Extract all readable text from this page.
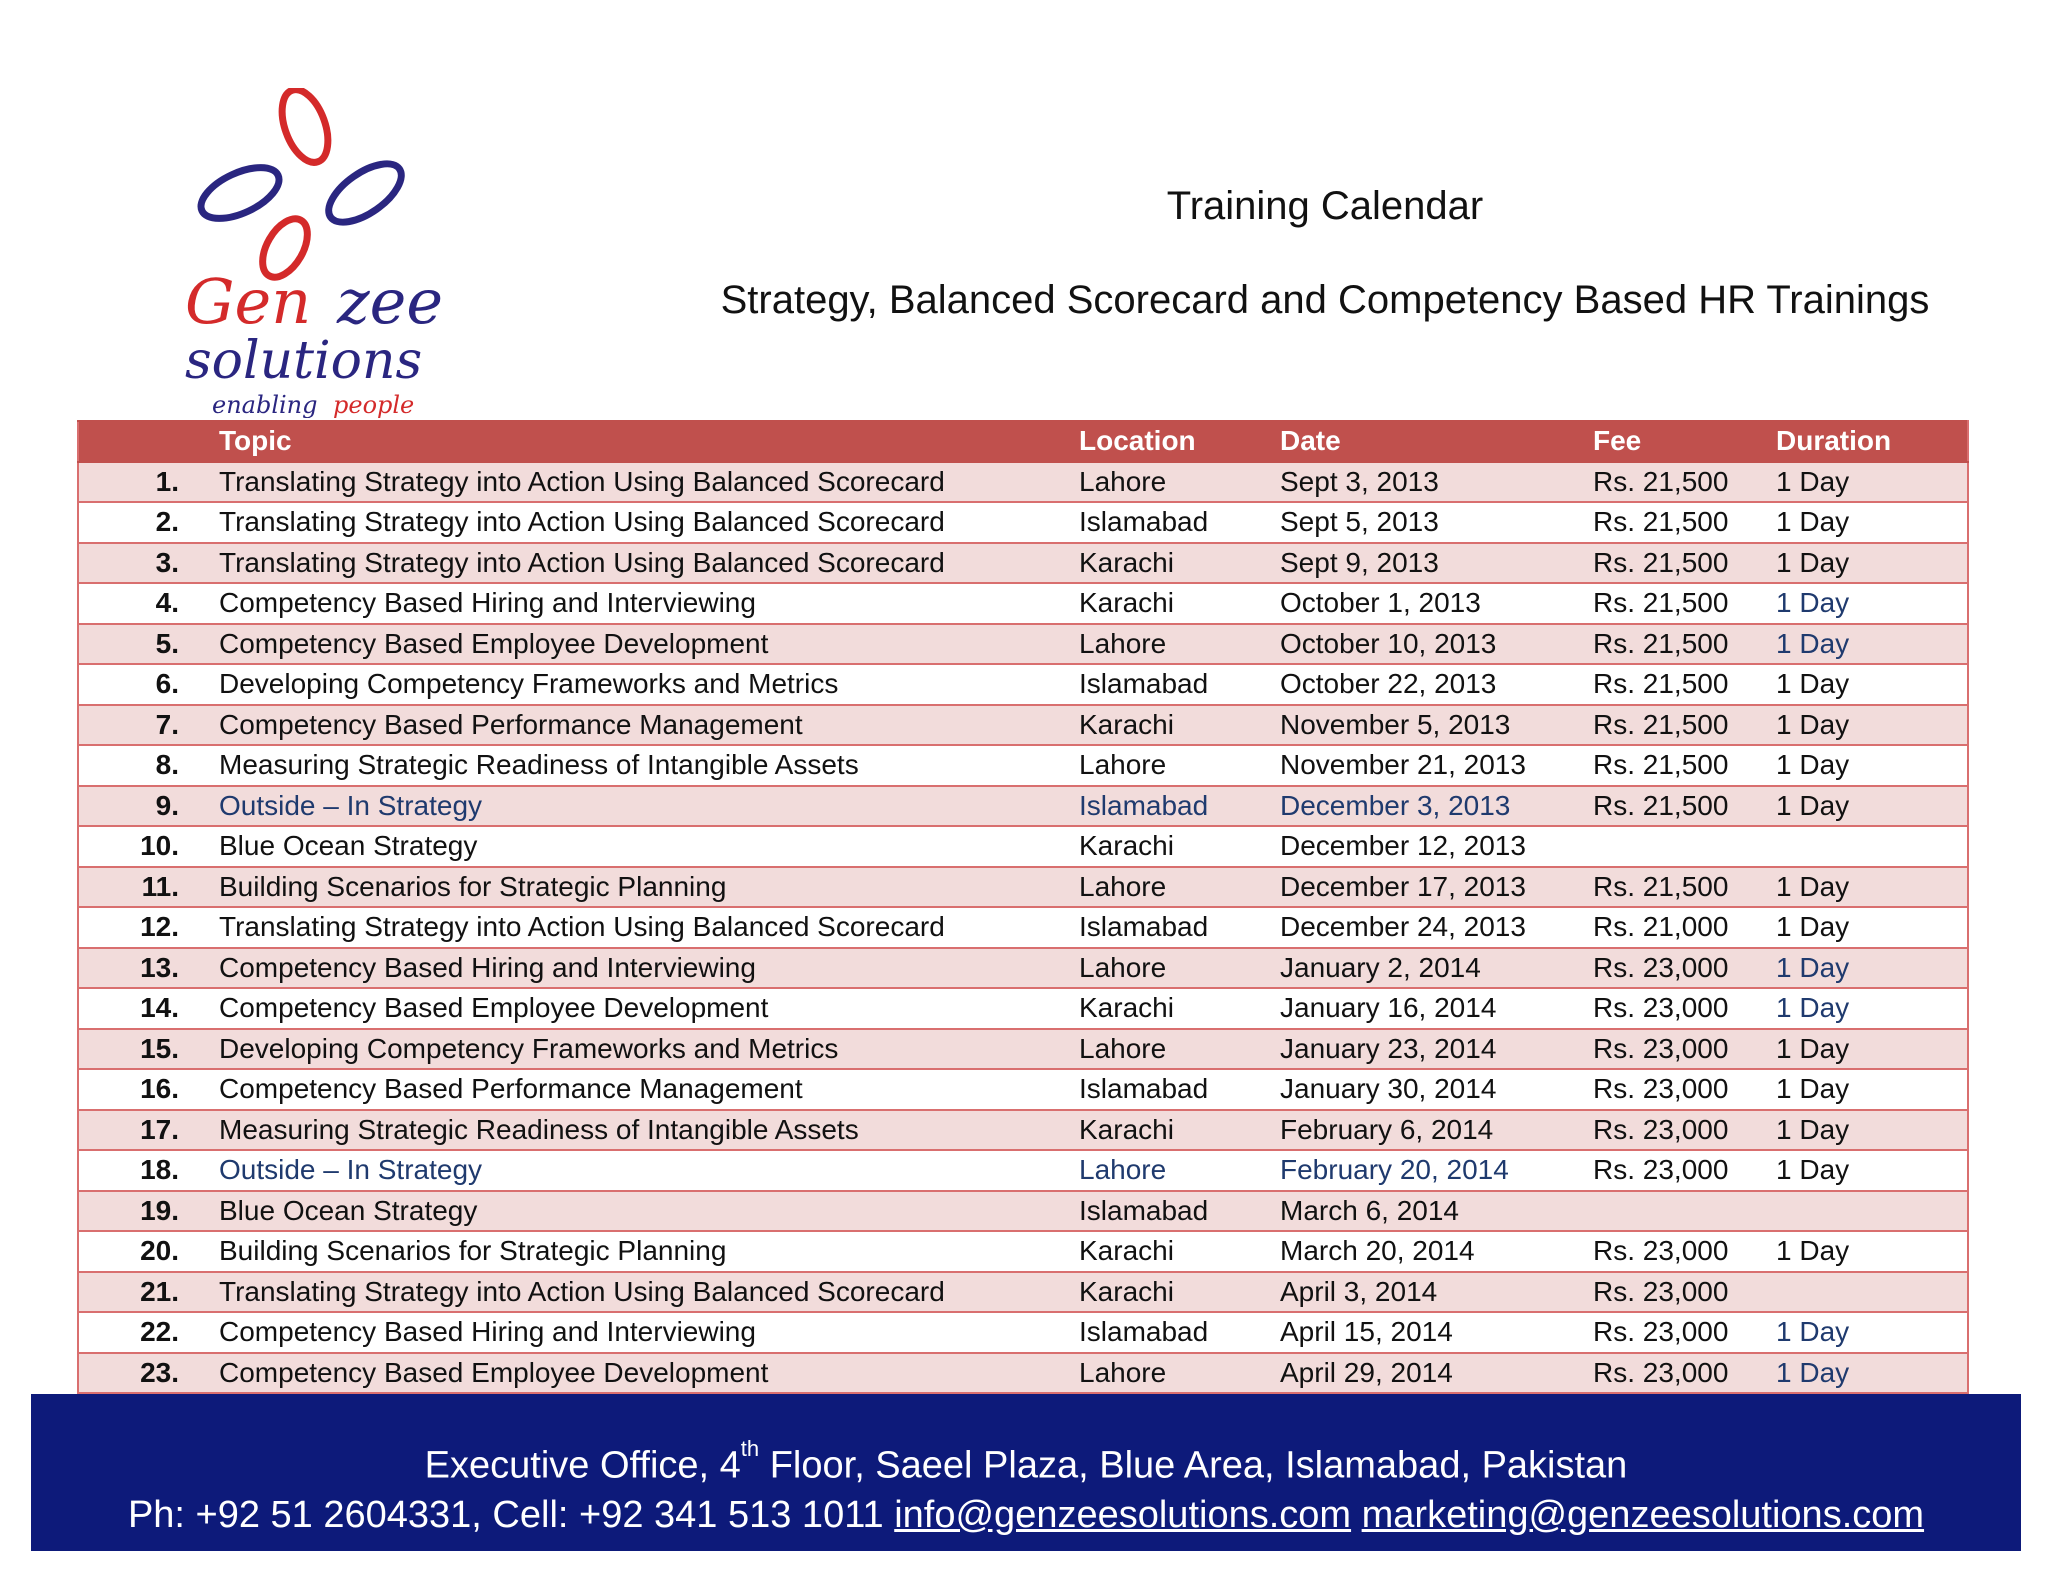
Gen zee
solutions
enabling people
Training Calendar
Strategy, Balanced Scorecard and Competency Based HR Trainings
	Topic	Location	Date	Fee	Duration
1.	Translating Strategy into Action Using Balanced Scorecard	Lahore	Sept 3, 2013	Rs. 21,500	1 Day
2.	Translating Strategy into Action Using Balanced Scorecard	Islamabad	Sept 5, 2013	Rs. 21,500	1 Day
3.	Translating Strategy into Action Using Balanced Scorecard	Karachi	Sept 9, 2013	Rs. 21,500	1 Day
4.	Competency Based Hiring and Interviewing	Karachi	October 1, 2013	Rs. 21,500	1 Day
5.	Competency Based Employee Development	Lahore	October 10, 2013	Rs. 21,500	1 Day
6.	Developing Competency Frameworks and Metrics	Islamabad	October 22, 2013	Rs. 21,500	1 Day
7.	Competency Based Performance Management	Karachi	November 5, 2013	Rs. 21,500	1 Day
8.	Measuring Strategic Readiness of Intangible Assets	Lahore	November 21, 2013	Rs. 21,500	1 Day
9.	Outside – In Strategy	Islamabad	December 3, 2013	Rs. 21,500	1 Day
10.	Blue Ocean Strategy	Karachi	December 12, 2013		
11.	Building Scenarios for Strategic Planning	Lahore	December 17, 2013	Rs. 21,500	1 Day
12.	Translating Strategy into Action Using Balanced Scorecard	Islamabad	December 24, 2013	Rs. 21,000	1 Day
13.	Competency Based Hiring and Interviewing	Lahore	January 2, 2014	Rs. 23,000	1 Day
14.	Competency Based Employee Development	Karachi	January 16, 2014	Rs. 23,000	1 Day
15.	Developing Competency Frameworks and Metrics	Lahore	January 23, 2014	Rs. 23,000	1 Day
16.	Competency Based Performance Management	Islamabad	January 30, 2014	Rs. 23,000	1 Day
17.	Measuring Strategic Readiness of Intangible Assets	Karachi	February 6, 2014	Rs. 23,000	1 Day
18.	Outside – In Strategy	Lahore	February 20, 2014	Rs. 23,000	1 Day
19.	Blue Ocean Strategy	Islamabad	March 6, 2014		
20.	Building Scenarios for Strategic Planning	Karachi	March 20, 2014	Rs. 23,000	1 Day
21.	Translating Strategy into Action Using Balanced Scorecard	Karachi	April 3, 2014	Rs. 23,000	
22.	Competency Based Hiring and Interviewing	Islamabad	April 15, 2014	Rs. 23,000	1 Day
23.	Competency Based Employee Development	Lahore	April 29, 2014	Rs. 23,000	1 Day
Executive Office, 4th Floor, Saeel Plaza, Blue Area, Islamabad, Pakistan
Ph: +92 51 2604331, Cell: +92 341 513 1011 info@genzeesolutions.com marketing@genzeesolutions.com
